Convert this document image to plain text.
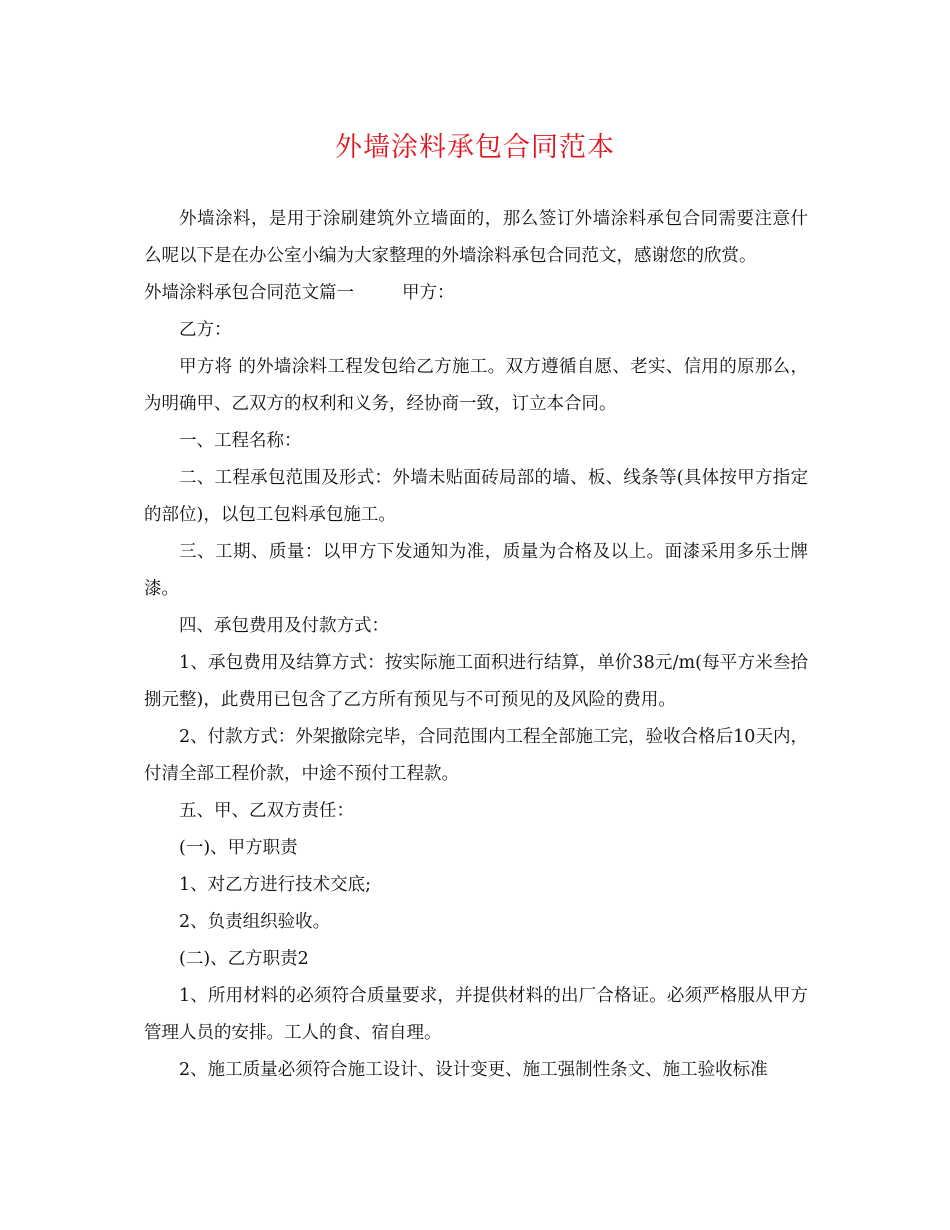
外墙涂料承包合同范本

外墙涂料，是用于涂刷建筑外立墙面的，那么签订外墙涂料承包合同需要注意什么呢以下是在办公室小编为大家整理的外墙涂料承包合同范文，感谢您的欣赏。

外墙涂料承包合同范文篇一	甲方：

乙方：

甲方将 的外墙涂料工程发包给乙方施工。双方遵循自愿、老实、信用的原那么，为明确甲、乙双方的权利和义务，经协商一致，订立本合同。

一、工程名称：

二、工程承包范围及形式：外墙未贴面砖局部的墙、板、线条等(具体按甲方指定的部位)，以包工包料承包施工。

三、工期、质量：以甲方下发通知为准，质量为合格及以上。面漆采用多乐士牌漆。

四、承包费用及付款方式：

1、承包费用及结算方式：按实际施工面积进行结算，单价38元/m(每平方米叁拾捌元整)，此费用已包含了乙方所有预见与不可预见的及风险的费用。

2、付款方式：外架撤除完毕，合同范围内工程全部施工完，验收合格后10天内，付清全部工程价款，中途不预付工程款。

五、甲、乙双方责任：

(一)、甲方职责

1、对乙方进行技术交底;

2、负责组织验收。

(二)、乙方职责2

1、所用材料的必须符合质量要求，并提供材料的出厂合格证。必须严格服从甲方管理人员的安排。工人的食、宿自理。

2、施工质量必须符合施工设计、设计变更、施工强制性条文、施工验收标准
